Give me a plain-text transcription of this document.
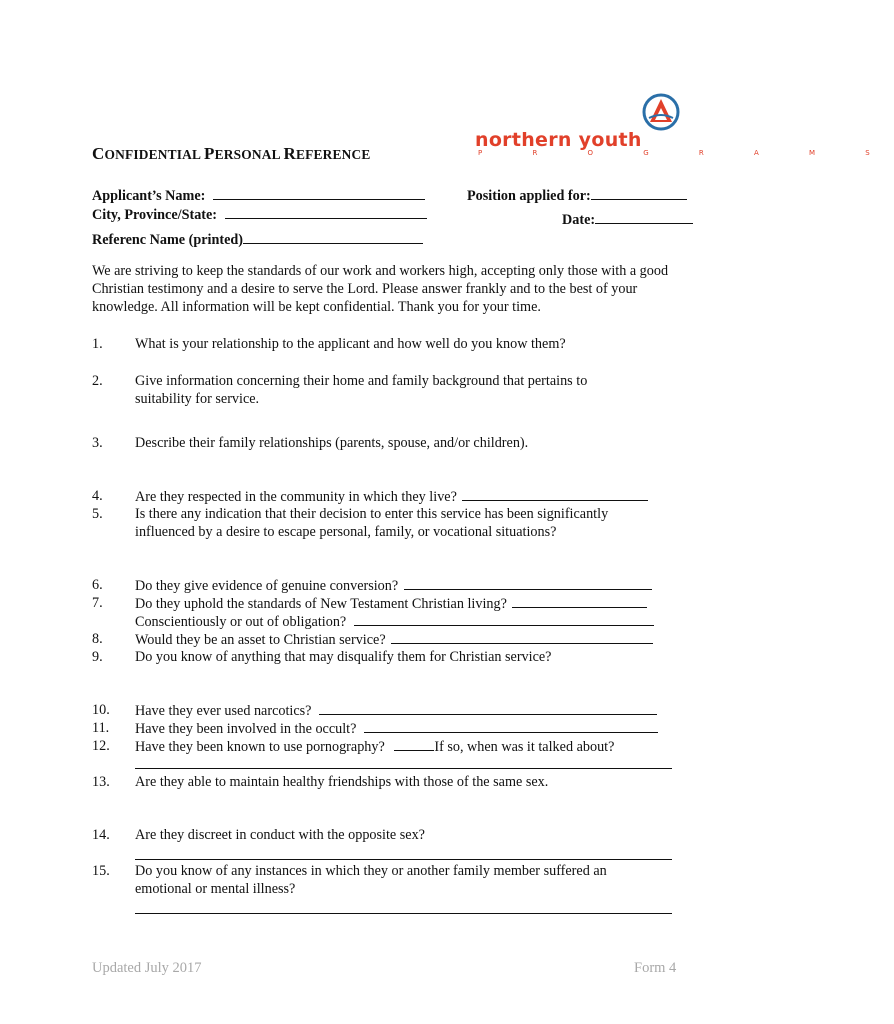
northern youth
P R O G R A M S
CONFIDENTIAL PERSONAL REFERENCE
Applicant’s Name:
City, Province/State:
Referenc Name (printed)
Position applied for:
Date:
We are striving to keep the standards of our work and workers high, accepting only those with a good Christian testimony and a desire to serve the Lord. Please answer frankly and to the best of your knowledge. All information will be kept confidential. Thank you for your time.
1. What is your relationship to the applicant and how well do you know them?
2. Give information concerning their home and family background that pertains to
suitability for service.
3. Describe their family relationships (parents, spouse, and/or children).
4. Are they respected in the community in which they live?
5. Is there any indication that their decision to enter this service has been significantly
influenced by a desire to escape personal, family, or vocational situations?
6. Do they give evidence of genuine conversion?
7. Do they uphold the standards of New Testament Christian living?
Conscientiously or out of obligation?
8. Would they be an asset to Christian service?
9. Do you know of anything that may disqualify them for Christian service?
10. Have they ever used narcotics?
11. Have they been involved in the occult?
12. Have they been known to use pornography?	If so, when was it talked about?
13. Are they able to maintain healthy friendships with those of the same sex.
14. Are they discreet in conduct with the opposite sex?
15. Do you know of any instances in which they or another family member suffered an
emotional or mental illness?
Updated July 2017	Form 4
